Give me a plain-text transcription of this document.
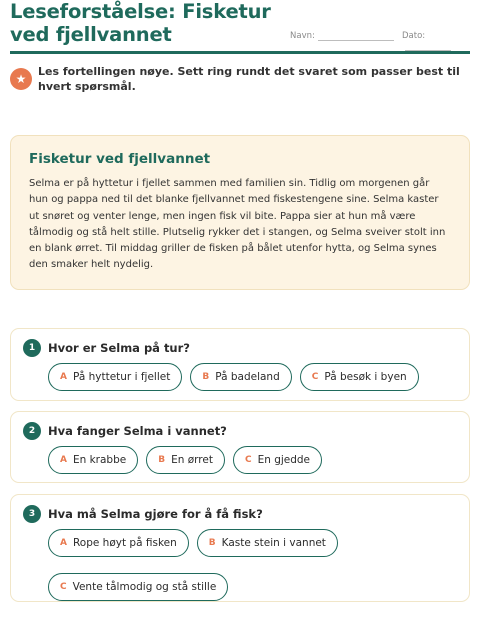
Leseforståelse: Fisketur ved fjellvannet	Navn:	Dato:
★
Les fortellingen nøye. Sett ring rundt det svaret som passer best til hvert spørsmål.
Fisketur ved fjellvannet
Selma er på hyttetur i fjellet sammen med familien sin. Tidlig om morgenen går hun og pappa ned til det blanke fjellvannet med fiskestengene sine. Selma kaster ut snøret og venter lenge, men ingen fisk vil bite. Pappa sier at hun må være tålmodig og stå helt stille. Plutselig rykker det i stangen, og Selma sveiver stolt inn en blank ørret. Til middag griller de fisken på bålet utenfor hytta, og Selma synes den smaker helt nydelig.
1	Hvor er Selma på tur?
A På hyttetur i fjellet	B På badeland	C På besøk i byen
2	Hva fanger Selma i vannet?
A En krabbe	B En ørret	C En gjedde
3	Hva må Selma gjøre for å få fisk?
A Rope høyt på fisken	B Kaste stein i vannet
C Vente tålmodig og stå stille
